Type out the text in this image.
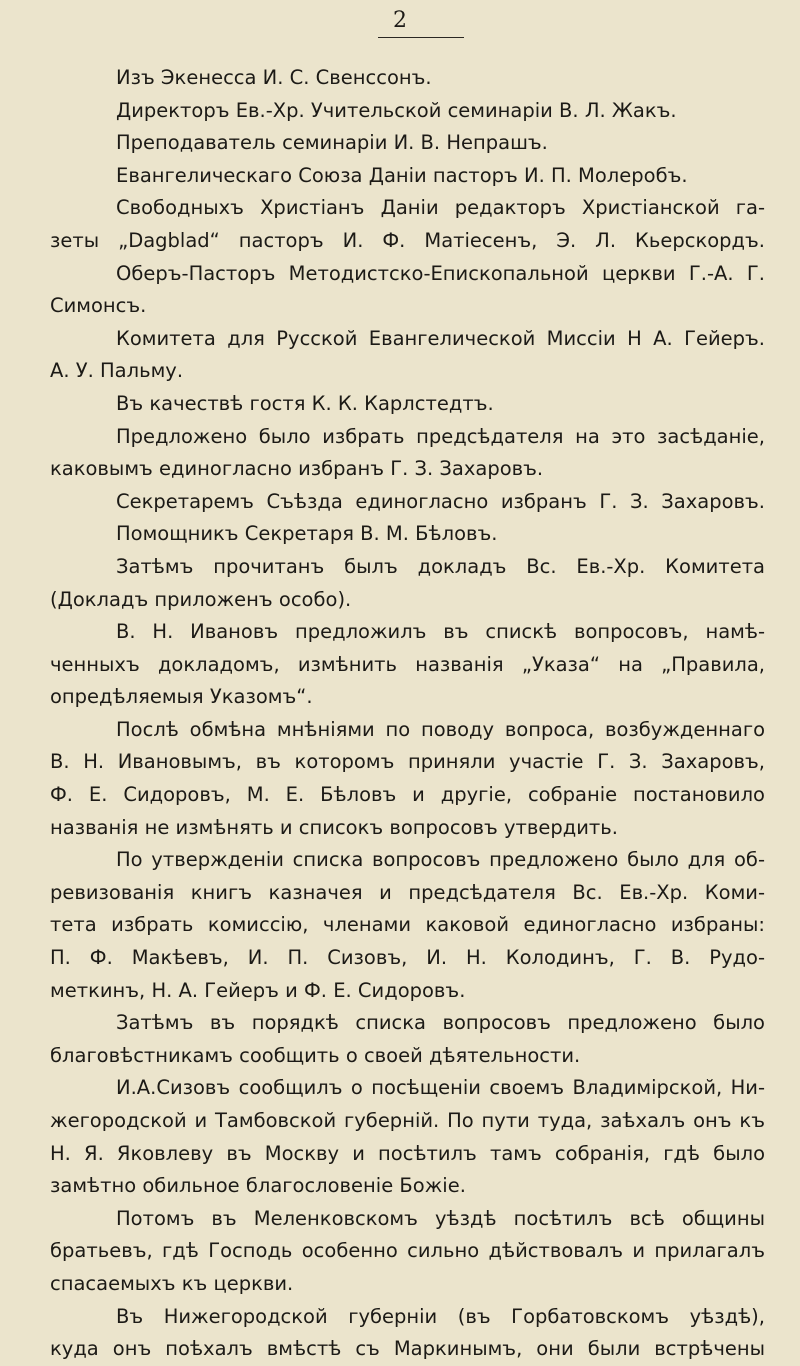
2
Изъ Экенесса И. С. Свенссонъ.
Директоръ Ев.-Хр. Учительской семинаріи В. Л. Жакъ.
Преподаватель семинаріи И. В. Непрашъ.
Евангелическаго Союза Даніи пасторъ И. П. Молеробъ.
Свободныхъ Христіанъ Даніи редакторъ Христіанской га-
зеты „Dagblad“ пасторъ И. Ф. Матіесенъ, Э. Л. Кьерскордъ.
Оберъ-Пасторъ Методистско-Епископальной церкви Г.-А. Г.
Симонсъ.
Комитета для Русской Евангелической Миссіи Н А. Гейеръ.
А. У. Пальму.
Въ качествѣ гостя К. К. Карлстедтъ.
Предложено было избрать предсѣдателя на это засѣданіе,
каковымъ единогласно избранъ Г. З. Захаровъ.
Секретаремъ Съѣзда единогласно избранъ Г. З. Захаровъ.
Помощникъ Секретаря В. М. Бѣловъ.
Затѣмъ прочитанъ былъ докладъ Вс. Ев.-Хр. Комитета
(Докладъ приложенъ особо).
В. Н. Ивановъ предложилъ въ спискѣ вопросовъ, намѣ-
ченныхъ докладомъ, измѣнить названія „Указа“ на „Правила,
опредѣляемыя Указомъ“.
Послѣ обмѣна мнѣніями по поводу вопроса, возбужденнаго
В. Н. Ивановымъ, въ которомъ приняли участіе Г. З. Захаровъ,
Ф. Е. Сидоровъ, М. Е. Бѣловъ и другіе, собраніе постановило
названія не измѣнять и списокъ вопросовъ утвердить.
По утвержденіи списка вопросовъ предложено было для об-
ревизованія книгъ казначея и предсѣдателя Вс. Ев.-Хр. Коми-
тета избрать комиссію, членами каковой единогласно избраны:
П. Ф. Макѣевъ, И. П. Сизовъ, И. Н. Колодинъ, Г. В. Рудо-
меткинъ, Н. А. Гейеръ и Ф. Е. Сидоровъ.
Затѣмъ въ порядкѣ списка вопросовъ предложено было
благовѣстникамъ сообщить о своей дѣятельности.
И.А.Сизовъ сообщилъ о посѣщеніи своемъ Владимірской, Ни-
жегородской и Тамбовской губерній. По пути туда, заѣхалъ онъ къ
Н. Я. Яковлеву въ Москву и посѣтилъ тамъ собранія, гдѣ было
замѣтно обильное благословеніе Божіе.
Потомъ въ Меленковскомъ уѣздѣ посѣтилъ всѣ общины
братьевъ, гдѣ Господь особенно сильно дѣйствовалъ и прилагалъ
спасаемыхъ къ церкви.
Въ Нижегородской губерніи (въ Горбатовскомъ уѣздѣ),
куда онъ поѣхалъ вмѣстѣ съ Маркинымъ, они были встрѣчены
